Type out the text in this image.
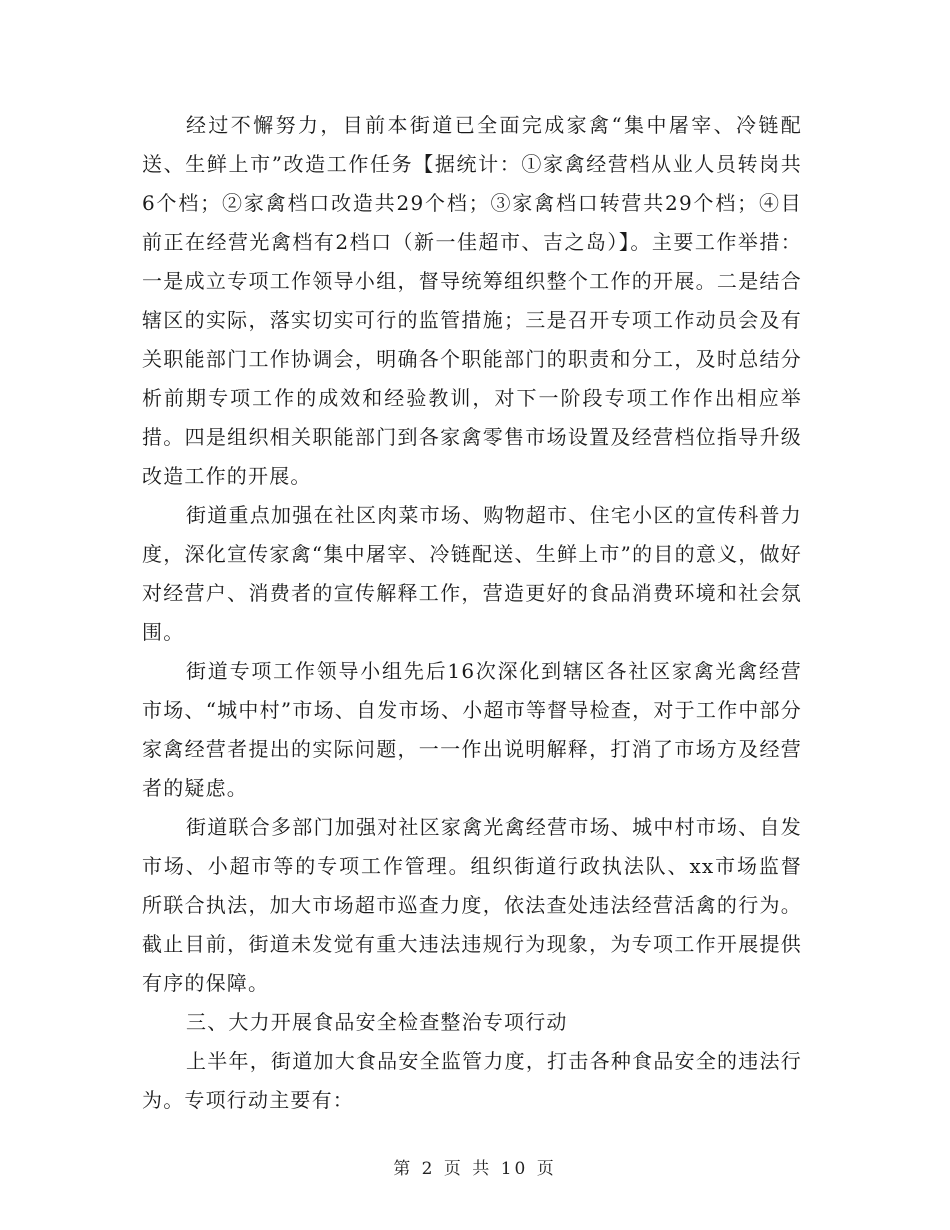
经过不懈努力，目前本街道已全面完成家禽“集中屠宰、冷链配送、生鲜上市”改造工作任务【据统计：①家禽经营档从业人员转岗共6个档；②家禽档口改造共29个档；③家禽档口转营共29个档；④目前正在经营光禽档有2档口（新一佳超市、吉之岛）】。主要工作举措：一是成立专项工作领导小组，督导统筹组织整个工作的开展。二是结合辖区的实际，落实切实可行的监管措施；三是召开专项工作动员会及有关职能部门工作协调会，明确各个职能部门的职责和分工，及时总结分析前期专项工作的成效和经验教训，对下一阶段专项工作作出相应举措。四是组织相关职能部门到各家禽零售市场设置及经营档位指导升级改造工作的开展。

街道重点加强在社区肉菜市场、购物超市、住宅小区的宣传科普力度，深化宣传家禽“集中屠宰、冷链配送、生鲜上市”的目的意义，做好对经营户、消费者的宣传解释工作，营造更好的食品消费环境和社会氛围。

街道专项工作领导小组先后16次深化到辖区各社区家禽光禽经营市场、“城中村”市场、自发市场、小超市等督导检查，对于工作中部分家禽经营者提出的实际问题，一一作出说明解释，打消了市场方及经营者的疑虑。

街道联合多部门加强对社区家禽光禽经营市场、城中村市场、自发市场、小超市等的专项工作管理。组织街道行政执法队、xx市场监督所联合执法，加大市场超市巡查力度，依法查处违法经营活禽的行为。截止目前，街道未发觉有重大违法违规行为现象，为专项工作开展提供有序的保障。

三、大力开展食品安全检查整治专项行动

上半年，街道加大食品安全监管力度，打击各种食品安全的违法行为。专项行动主要有：

第 2 页 共 10 页
